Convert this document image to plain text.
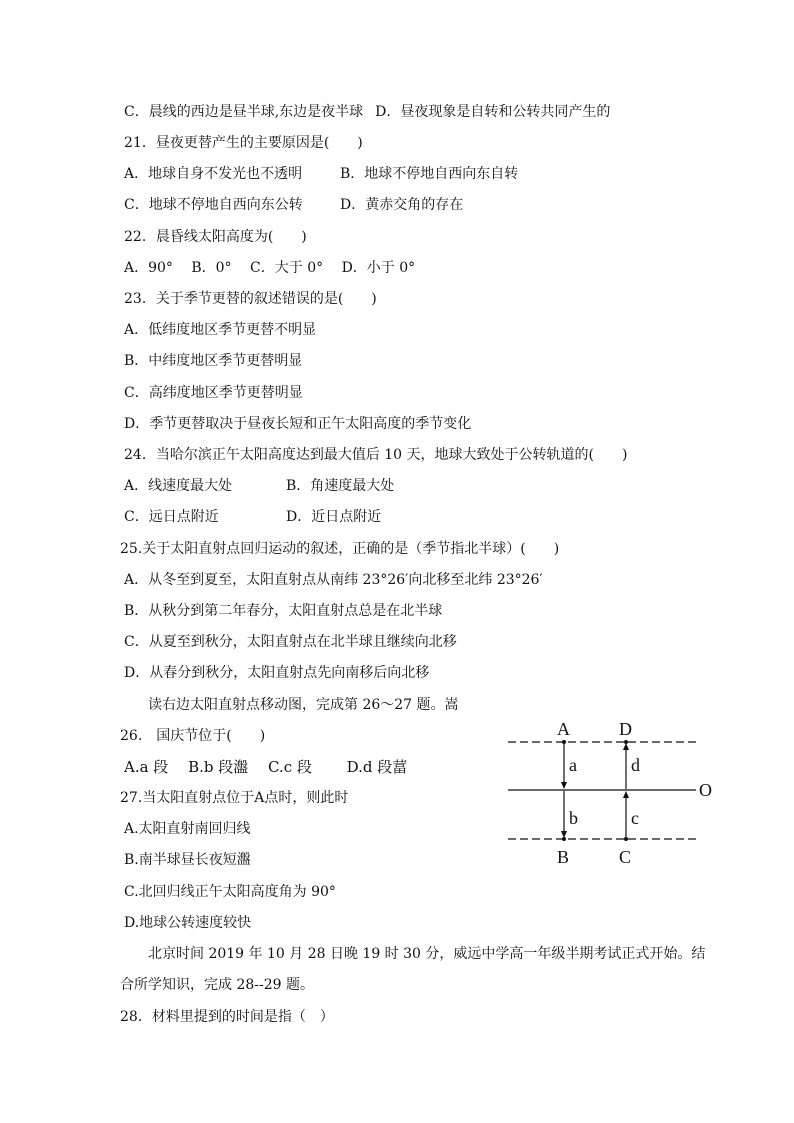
C．晨线的西边是昼半球,东边是夜半球 D．昼夜现象是自转和公转共同产生的
21．昼夜更替产生的主要原因是(　　)
A．地球自身不发光也不透明	B．地球不停地自西向东自转
C．地球不停地自西向东公转	D．黄赤交角的存在
22．晨昏线太阳高度为(　　)
A．90°　 B．0°　 C．大于 0°　 D．小于 0°
23．关于季节更替的叙述错误的是(　　)
A．低纬度地区季节更替不明显
B．中纬度地区季节更替明显
C．高纬度地区季节更替明显
D．季节更替取决于昼夜长短和正午太阳高度的季节变化
24．当哈尔滨正午太阳高度达到最大值后 10 天，地球大致处于公转轨道的(　　)
A．线速度最大处	B．角速度最大处
C．远日点附近	D．近日点附近
25.关于太阳直射点回归运动的叙述，正确的是（季节指北半球）(　　)
A．从冬至到夏至，太阳直射点从南纬 23°26′向北移至北纬 23°26′
B．从秋分到第二年春分，太阳直射点总是在北半球
C．从夏至到秋分，太阳直射点在北半球且继续向北移
D．从春分到秋分，太阳直射点先向南移后向北移
读右边太阳直射点移动图，完成第 26～27 题。嵩
26.　国庆节位于(　　)
A.a 段　 B.b 段瀊　 C.c 段　　 D.d 段葍
27.当太阳直射点位于A点时，则此时
A.太阳直射南回归线
B.南半球昼长夜短瀊
C.北回归线正午太阳高度角为 90°
D.地球公转速度较快
北京时间 2019 年 10 月 28 日晚 19 时 30 分，威远中学高一年级半期考试正式开始。结
合所学知识，完成 28--29 题。
28．材料里提到的时间是指（　）
A	D
B	C
O
a
b	c
d
